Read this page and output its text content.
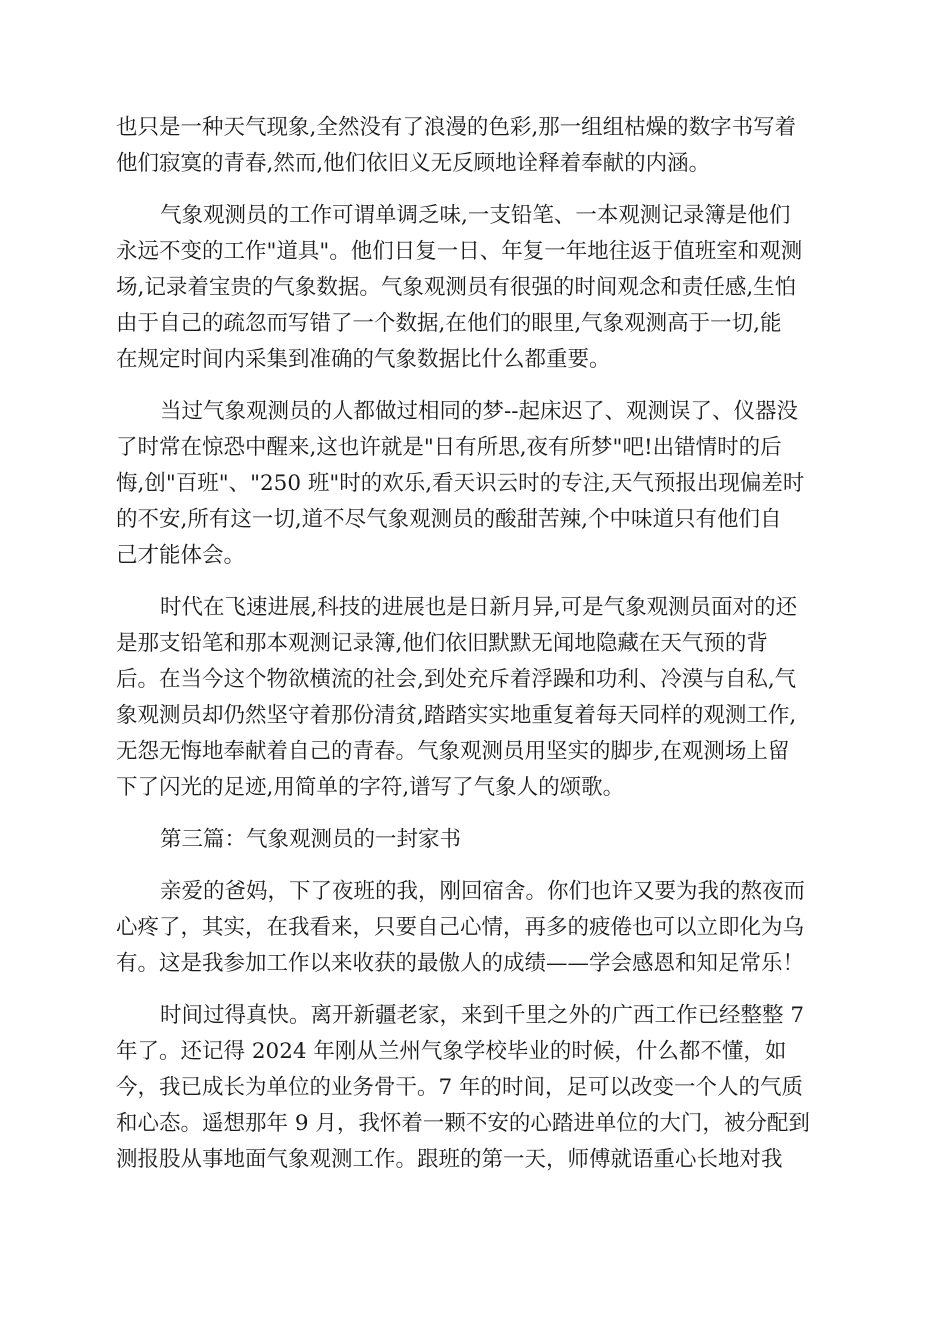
也只是一种天气现象,全然没有了浪漫的色彩,那一组组枯燥的数字书写着
他们寂寞的青春,然而,他们依旧义无反顾地诠释着奉献的内涵。
气象观测员的工作可谓单调乏味,一支铅笔、一本观测记录簿是他们
永远不变的工作"道具"。他们日复一日、年复一年地往返于值班室和观测
场,记录着宝贵的气象数据。气象观测员有很强的时间观念和责任感,生怕
由于自己的疏忽而写错了一个数据,在他们的眼里,气象观测高于一切,能
在规定时间内采集到准确的气象数据比什么都重要。
当过气象观测员的人都做过相同的梦--起床迟了、观测误了、仪器没
了时常在惊恐中醒来,这也许就是"日有所思,夜有所梦"吧!出错情时的后
悔,创"百班"、"250 班"时的欢乐,看天识云时的专注,天气预报出现偏差时
的不安,所有这一切,道不尽气象观测员的酸甜苦辣,个中味道只有他们自
己才能体会。
时代在飞速进展,科技的进展也是日新月异,可是气象观测员面对的还
是那支铅笔和那本观测记录簿,他们依旧默默无闻地隐藏在天气预的背
后。在当今这个物欲横流的社会,到处充斥着浮躁和功利、冷漠与自私,气
象观测员却仍然坚守着那份清贫,踏踏实实地重复着每天同样的观测工作,
无怨无悔地奉献着自己的青春。气象观测员用坚实的脚步,在观测场上留
下了闪光的足迹,用简单的字符,谱写了气象人的颂歌。
第三篇：气象观测员的一封家书
亲爱的爸妈，下了夜班的我，刚回宿舍。你们也许又要为我的熬夜而
心疼了，其实，在我看来，只要自己心情，再多的疲倦也可以立即化为乌
有。这是我参加工作以来收获的最傲人的成绩——学会感恩和知足常乐！
时间过得真快。离开新疆老家，来到千里之外的广西工作已经整整 7
年了。还记得 2024 年刚从兰州气象学校毕业的时候，什么都不懂，如
今，我已成长为单位的业务骨干。7 年的时间，足可以改变一个人的气质
和心态。遥想那年 9 月，我怀着一颗不安的心踏进单位的大门，被分配到
测报股从事地面气象观测工作。跟班的第一天，师傅就语重心长地对我
